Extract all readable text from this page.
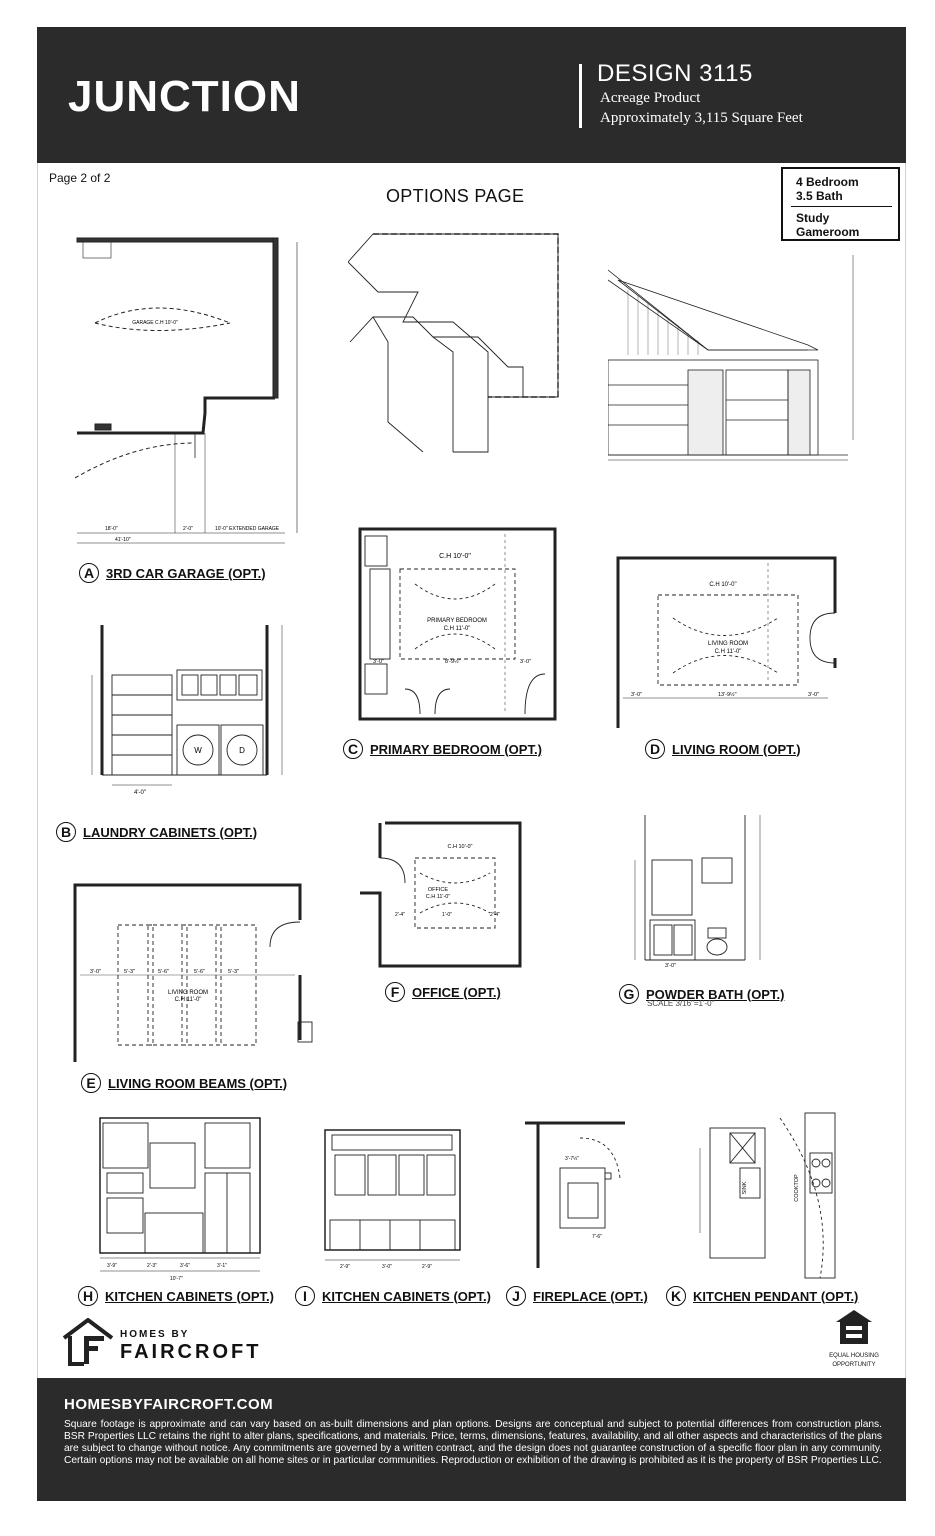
JUNCTION	DESIGN 3115
Acreage Product
Approximately 3,115 Square Feet
Page 2 of 2
OPTIONS PAGE
4 Bedroom
3.5 Bath
Study
Gameroom
GARAGE C.H 10'-0"
18'-0"	2'-0"	10'-0" EXTENDED GARAGE
41'-10"
A 3RD CAR GARAGE (OPT.)
W	D
4'-0"
B LAUNDRY CABINETS (OPT.)
C.H 10'-0"
PRIMARY BEDROOM
C.H 11'-0"
3'-0"	8'-9½"	3'-0"
C PRIMARY BEDROOM (OPT.)
C.H 10'-0"
LIVING ROOM
C.H 11'-0"
3'-0"	13'-9½"	3'-0"
D LIVING ROOM (OPT.)
LIVING ROOM
C.H 11'-0"
3'-0"	5'-3"	5'-6"	5'-6"	5'-3"
E LIVING ROOM BEAMS (OPT.)
C.H 10'-0"
OFFICE
C.H 11'-0"
2'-4"	1'-0"	2'-4"
F OFFICE (OPT.)
3'-0"
G POWDER BATH (OPT.)
SCALE 3/16"=1'-0"
3'-9"	2'-3"	3'-6"	3'-1"
10'-7"
H KITCHEN CABINETS (OPT.)
2'-9"	3'-0"	2'-9"
I	KITCHEN CABINETS (OPT.)
3'-7½"
7'-6"
J	FIREPLACE (OPT.)
SINK	COOKTOP
K KITCHEN PENDANT (OPT.)
HOMES BY
FAIRCROFT	EQUAL HOUSING
OPPORTUNITY
HOMESBYFAIRCROFT.COM
Square footage is approximate and can vary based on as-built dimensions and plan options. Designs are conceptual and subject to potential differences from construction plans. BSR Properties LLC retains the right to alter plans, specifications, and materials. Price, terms, dimensions, features, availability, and all other aspects and characteristics of the plans are subject to change without notice. Any commitments are governed by a written contract, and the design does not guarantee construction of a specific floor plan in any community. Certain options may not be available on all home sites or in particular communities. Reproduction or exhibition of the drawing is prohibited as it is the property of BSR Properties LLC.
